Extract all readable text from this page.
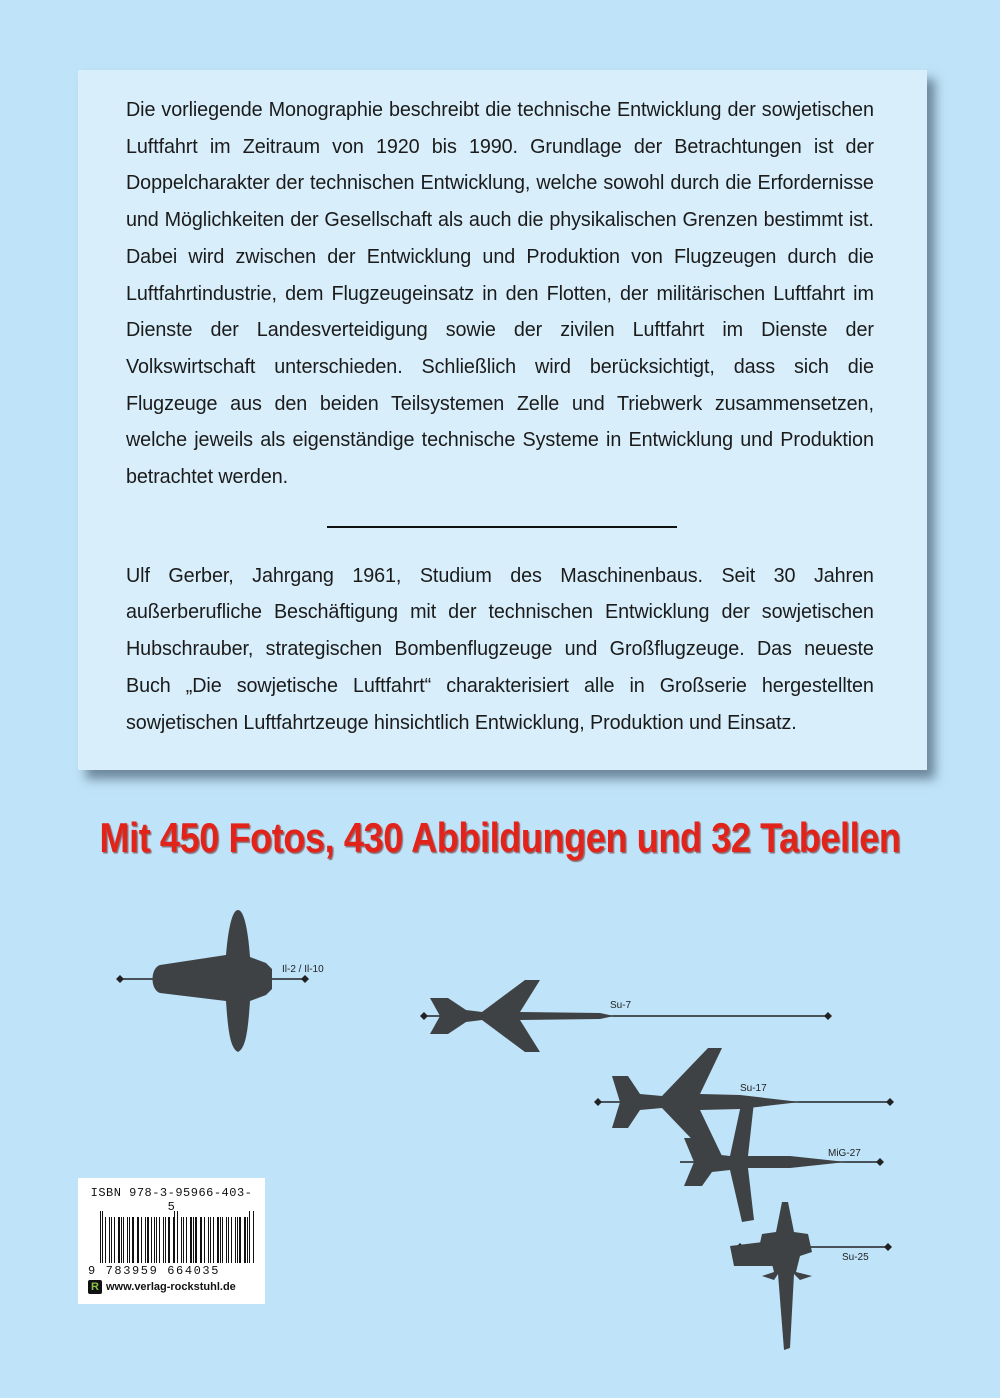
Die vorliegende Monographie beschreibt die technische Entwicklung der sowjetischen Luftfahrt im Zeitraum von 1920 bis 1990. Grundlage der Betrachtungen ist der Doppelcharakter der technischen Entwicklung, welche sowohl durch die Erfordernisse und Möglichkeiten der Gesellschaft als auch die physikalischen Grenzen bestimmt ist. Dabei wird zwischen der Entwicklung und Produktion von Flugzeugen durch die Luftfahrtindustrie, dem Flugzeugeinsatz in den Flotten, der militärischen Luftfahrt im Dienste der Landesverteidigung sowie der zivilen Luftfahrt im Dienste der Volkswirtschaft unterschieden. Schließlich wird berücksichtigt, dass sich die Flugzeuge aus den beiden Teilsystemen Zelle und Triebwerk zusammensetzen, welche jeweils als eigenständige technische Systeme in Entwicklung und Produktion betrachtet werden.

Ulf Gerber, Jahrgang 1961, Studium des Maschinenbaus. Seit 30 Jahren außerberufliche Beschäftigung mit der technischen Entwicklung der sowjetischen Hubschrauber, strategischen Bombenflugzeuge und Großflugzeuge. Das neueste Buch „Die sowjetische Luftfahrt“ charakterisiert alle in Großserie hergestellten sowjetischen Luftfahrtzeuge hinsichtlich Entwicklung, Produktion und Einsatz.

Mit 450 Fotos, 430 Abbildungen und 32 Tabellen
Il-2 / Il-10
Su-7
Su-17
MiG-27
Su-25
ISBN 978-3-95966-403-5
9 783959 664035
R www.verlag-rockstuhl.de
